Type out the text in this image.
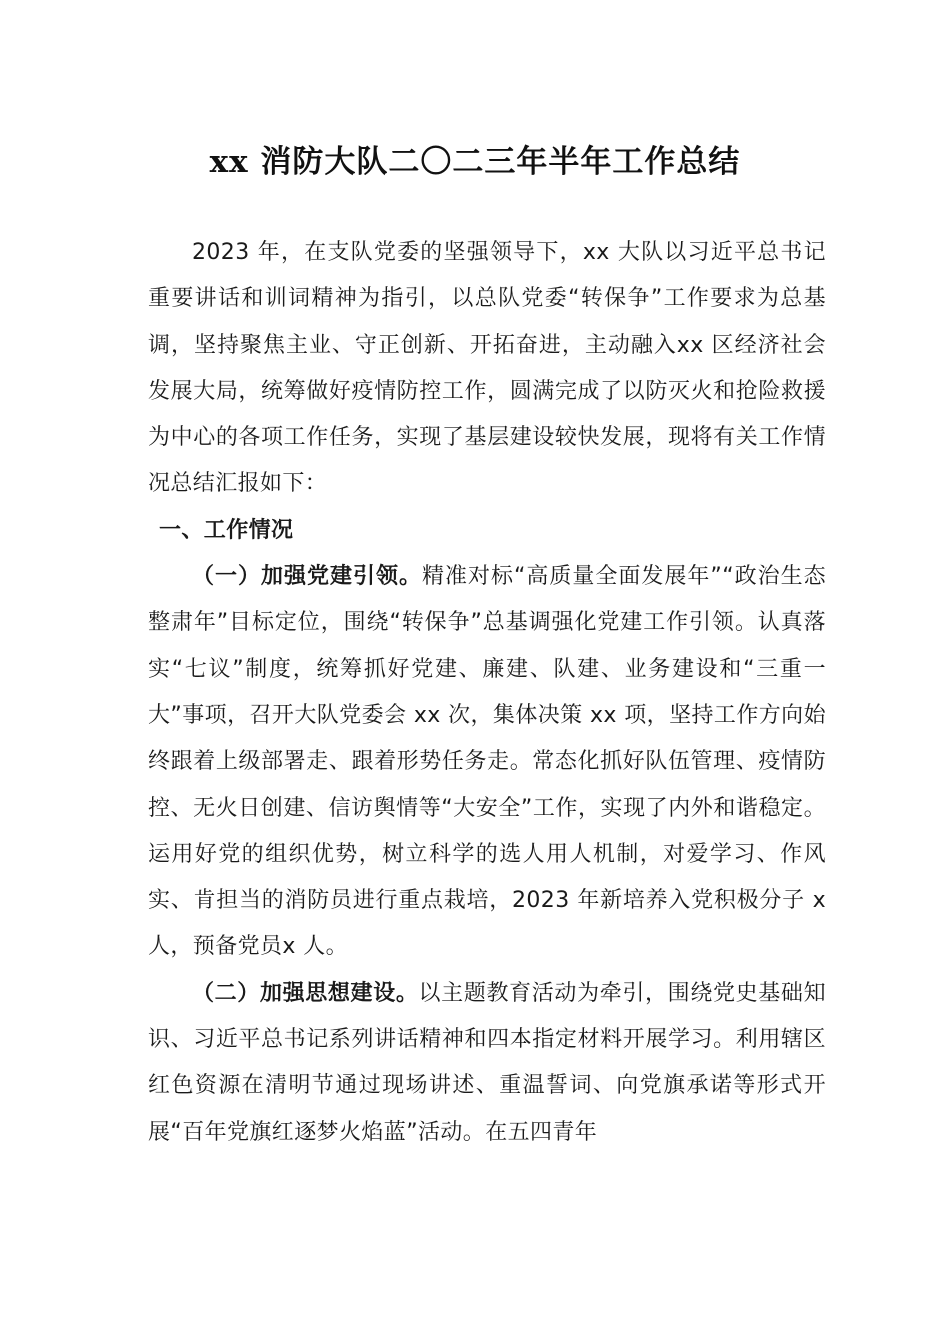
xx 消防大队二〇二三年半年工作总结

2023 年，在支队党委的坚强领导下，xx 大队以习近平总书记重要讲话和训词精神为指引，以总队党委“转保争”工作要求为总基调，坚持聚焦主业、守正创新、开拓奋进，主动融入xx 区经济社会发展大局，统筹做好疫情防控工作，圆满完成了以防灭火和抢险救援为中心的各项工作任务，实现了基层建设较快发展，现将有关工作情况总结汇报如下：

一、工作情况

（一）加强党建引领。精准对标“高质量全面发展年”“政治生态整肃年”目标定位，围绕“转保争”总基调强化党建工作引领。认真落实“七议”制度，统筹抓好党建、廉建、队建、业务建设和“三重一大”事项，召开大队党委会 xx 次，集体决策 xx 项，坚持工作方向始终跟着上级部署走、跟着形势任务走。常态化抓好队伍管理、疫情防控、无火日创建、信访舆情等“大安全”工作，实现了内外和谐稳定。运用好党的组织优势，树立科学的选人用人机制，对爱学习、作风实、肯担当的消防员进行重点栽培，2023 年新培养入党积极分子 x 人，预备党员x 人。

（二）加强思想建设。以主题教育活动为牵引，围绕党史基础知识、习近平总书记系列讲话精神和四本指定材料开展学习。利用辖区红色资源在清明节通过现场讲述、重温誓词、向党旗承诺等形式开展“百年党旗红逐梦火焰蓝”活动。在五四青年
